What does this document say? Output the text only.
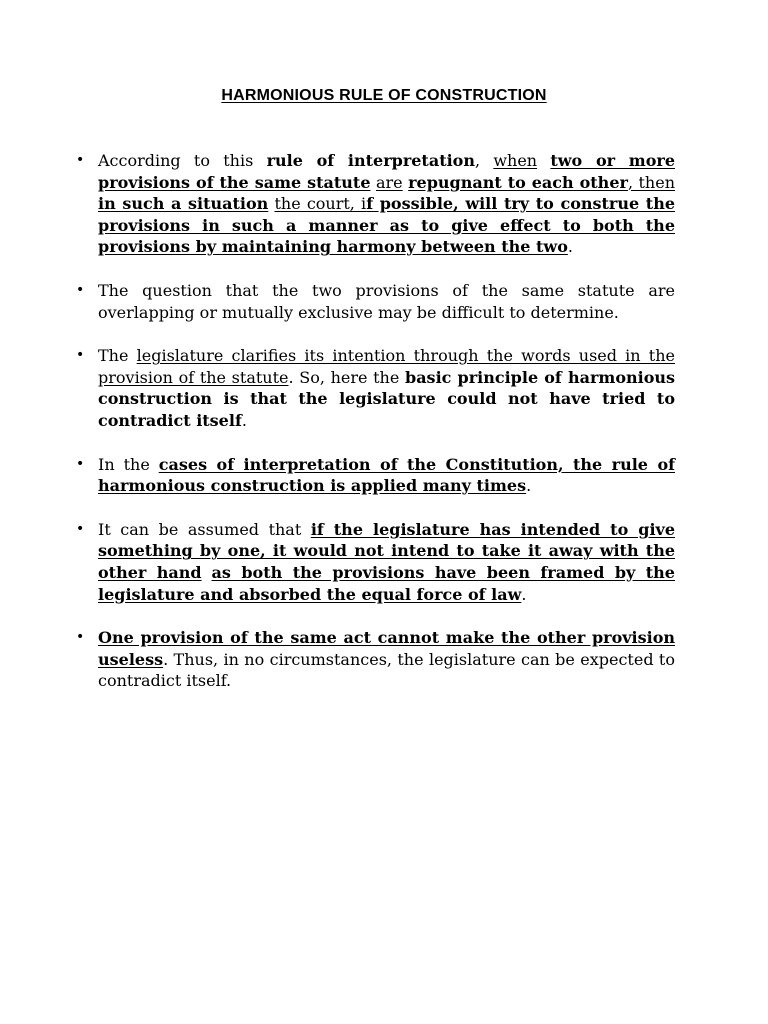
HARMONIOUS RULE OF CONSTRUCTION
• According to this rule of interpretation, when two or more provisions of the same statute are repugnant to each other, then in such a situation the court, if possible, will try to construe the provisions in such a manner as to give effect to both the provisions by maintaining harmony between the two.
• The question that the two provisions of the same statute are overlapping or mutually exclusive may be difficult to determine.
• The legislature clarifies its intention through the words used in the provision of the statute. So, here the basic principle of harmonious construction is that the legislature could not have tried to contradict itself.
• In the cases of interpretation of the Constitution, the rule of harmonious construction is applied many times.
• It can be assumed that if the legislature has intended to give something by one, it would not intend to take it away with the other hand as both the provisions have been framed by the legislature and absorbed the equal force of law.
• One provision of the same act cannot make the other provision useless. Thus, in no circumstances, the legislature can be expected to contradict itself.
